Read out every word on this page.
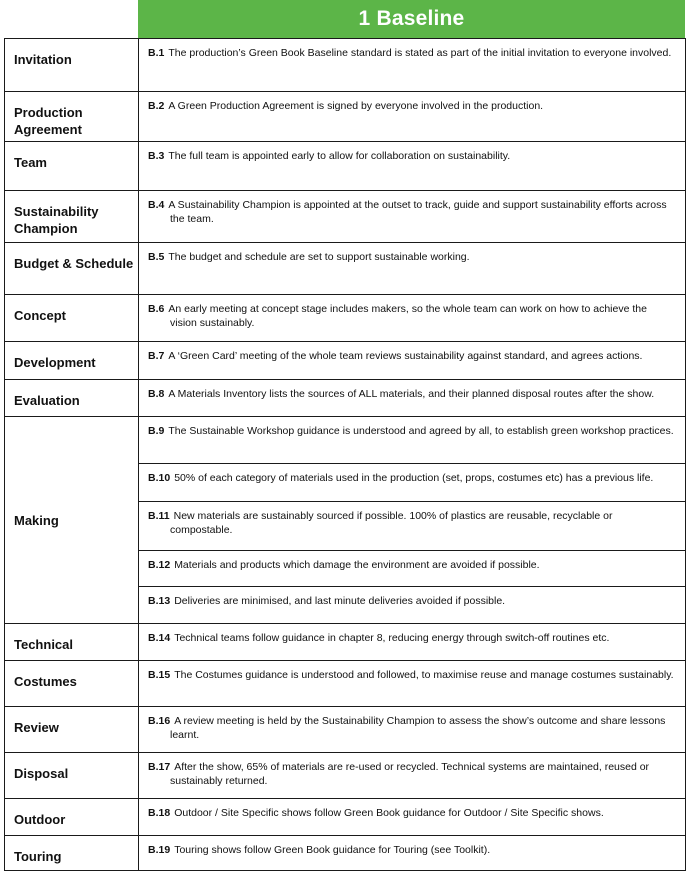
1 Baseline
Invitation	B.1 The production’s Green Book Baseline standard is stated as part of the initial invitation to everyone involved.

Production Agreement	B.2 A Green Production Agreement is signed by everyone involved in the production.

Team	B.3 The full team is appointed early to allow for collaboration on sustainability.

Sustainability Champion	B.4 A Sustainability Champion is appointed at the outset to track, guide and support sustainability efforts across the team.

Budget & Schedule	B.5 The budget and schedule are set to support sustainable working.

Concept	B.6 An early meeting at concept stage includes makers, so the whole team can work on how to achieve the vision sustainably.

Development	B.7 A ‘Green Card’ meeting of the whole team reviews sustainability against standard, and agrees actions.

Evaluation	B.8 A Materials Inventory lists the sources of ALL materials, and their planned disposal routes after the show.

Making	B.9 The Sustainable Workshop guidance is understood and agreed by all, to establish green workshop practices.

	B.10 50% of each category of materials used in the production (set, props, costumes etc) has a previous life.

	B.11 New materials are sustainably sourced if possible. 100% of plastics are reusable, recyclable or compostable.

	B.12 Materials and products which damage the environment are avoided if possible.

	B.13 Deliveries are minimised, and last minute deliveries avoided if possible.

Technical	B.14 Technical teams follow guidance in chapter 8, reducing energy through switch-off routines etc.

Costumes	B.15 The Costumes guidance is understood and followed, to maximise reuse and manage costumes sustainably.

Review	B.16 A review meeting is held by the Sustainability Champion to assess the show’s outcome and share lessons learnt.

Disposal	B.17 After the show, 65% of materials are re-used or recycled. Technical systems are maintained, reused or sustainably returned.

Outdoor	B.18 Outdoor / Site Specific shows follow Green Book guidance for Outdoor / Site Specific shows.

Touring	B.19 Touring shows follow Green Book guidance for Touring (see Toolkit).
